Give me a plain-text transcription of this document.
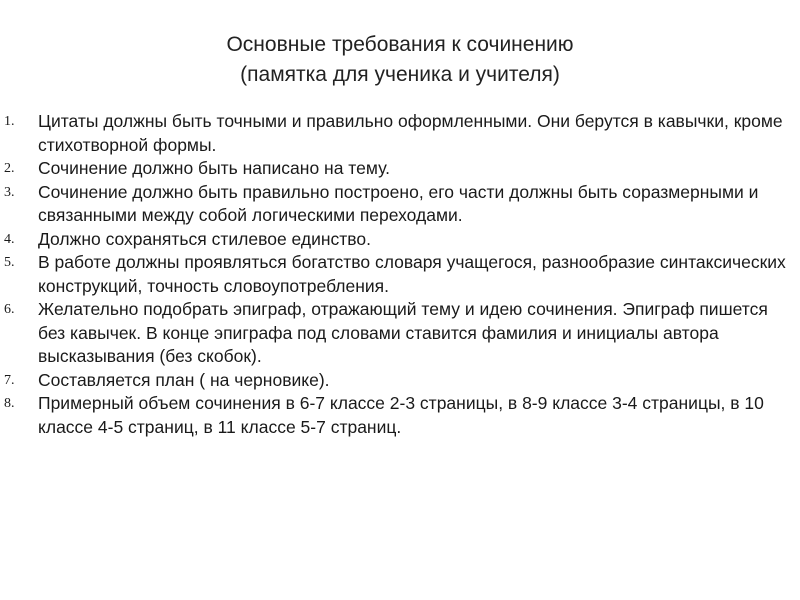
Основные требования к сочинению
(памятка для ученика и учителя)
1. Цитаты должны быть точными и правильно оформленными. Они берутся в кавычки, кроме стихотворной формы.
2. Сочинение должно быть написано на тему.
3. Сочинение должно быть правильно построено, его части должны быть соразмерными и связанными между собой логическими переходами.
4. Должно сохраняться стилевое единство.
5. В работе должны проявляться богатство словаря учащегося, разнообразие синтаксических конструкций, точность словоупотребления.
6. Желательно подобрать эпиграф, отражающий тему и идею сочинения. Эпиграф пишется без кавычек. В конце эпиграфа под словами ставится фамилия и инициалы автора высказывания (без скобок).
7. Составляется план ( на черновике).
8. Примерный объем сочинения в 6-7 классе 2-3 страницы, в 8-9 классе 3-4 страницы, в 10 классе 4-5 страниц, в 11 классе 5-7 страниц.
